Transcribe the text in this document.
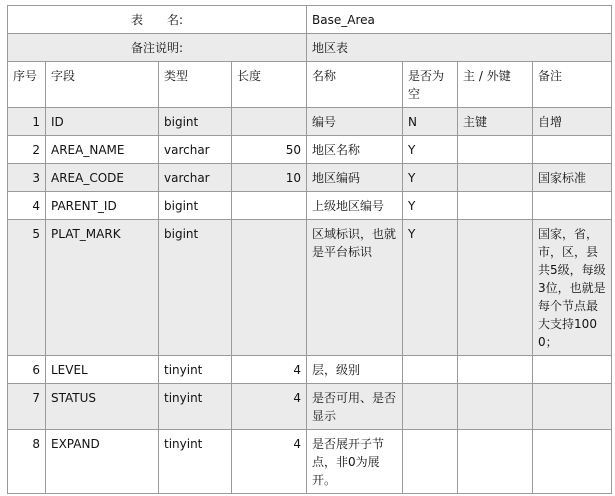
表　　名:				Base_Area			
备注说明:				地区表			
序号	字段	类型	长度	名称	是否为空	主 / 外键	备注
1	ID	bigint		编号	N	主键	自增
2	AREA_NAME	varchar	50	地区名称	Y		
3	AREA_CODE	varchar	10	地区编码	Y		国家标准
4	PARENT_ID	bigint		上级地区编号	Y		
5	PLAT_MARK	bigint		区域标识，也就是平台标识	Y		国家，省，市，区，县共5级，每级3位，也就是每个节点最大支持1000；
6	LEVEL	tinyint	4	层，级别			
7	STATUS	tinyint	4	是否可用、是否显示			
8	EXPAND	tinyint	4	是否展开子节点，非0为展开。			
